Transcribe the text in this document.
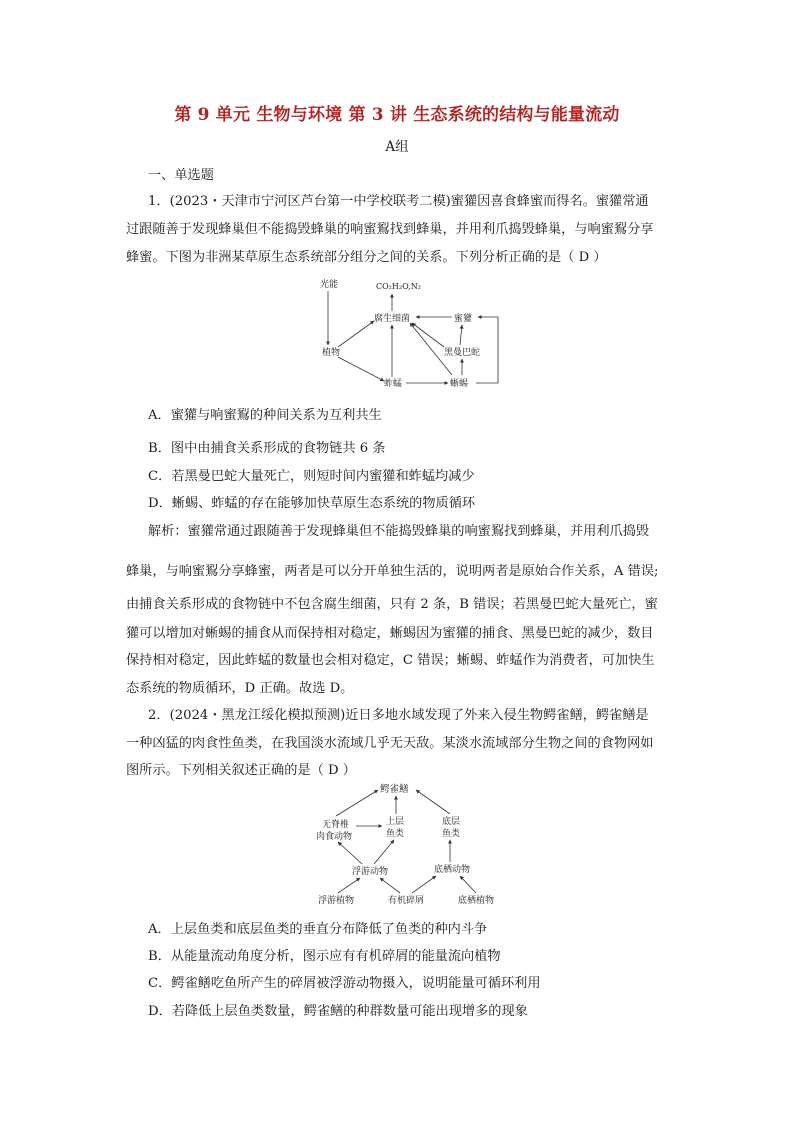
第 9 单元 生物与环境 第 3 讲 生态系统的结构与能量流动
A组
一、单选题
1．(2023・天津市宁河区芦台第一中学校联考二模)蜜獾因喜食蜂蜜而得名。蜜獾常通
过跟随善于发现蜂巢但不能捣毁蜂巢的响蜜鴷找到蜂巢，并用利爪捣毁蜂巢，与响蜜鴷分享
蜂蜜。下图为非洲某草原生态系统部分组分之间的关系。下列分析正确的是（ D ）
光能	CO₂H₂O,N₂
腐生细菌	蜜獾
植物	黑曼巴蛇
蚱蜢	蜥蜴
A．蜜獾与响蜜鴷的种间关系为互利共生
B．图中由捕食关系形成的食物链共 6 条
C．若黑曼巴蛇大量死亡，则短时间内蜜獾和蚱蜢均减少
D．蜥蜴、蚱蜢的存在能够加快草原生态系统的物质循环
解析：蜜獾常通过跟随善于发现蜂巢但不能捣毁蜂巢的响蜜鴷找到蜂巢，并用利爪捣毁
蜂巢，与响蜜鴷分享蜂蜜，两者是可以分开单独生活的，说明两者是原始合作关系，A 错误;
由捕食关系形成的食物链中不包含腐生细菌，只有 2 条，B 错误；若黑曼巴蛇大量死亡，蜜
獾可以增加对蜥蜴的捕食从而保持相对稳定，蜥蜴因为蜜獾的捕食、黑曼巴蛇的减少，数目
保持相对稳定，因此蚱蜢的数量也会相对稳定，C 错误；蜥蜴、蚱蜢作为消费者，可加快生
态系统的物质循环，D 正确。故选 D。
2．(2024・黑龙江绥化模拟预测)近日多地水域发现了外来入侵生物鳄雀鳝，鳄雀鳝是
一种凶猛的肉食性鱼类，在我国淡水流域几乎无天敌。某淡水流域部分生物之间的食物网如
图所示。下列相关叙述正确的是（ D ）
鳄雀鳝
无脊椎
肉食动物
上层
鱼类
底层
鱼类
浮游动物	底栖动物
浮游植物	有机碎屑	底栖植物
A．上层鱼类和底层鱼类的垂直分布降低了鱼类的种内斗争
B．从能量流动角度分析，图示应有有机碎屑的能量流向植物
C．鳄雀鳝吃鱼所产生的碎屑被浮游动物摄入，说明能量可循环利用
D．若降低上层鱼类数量，鳄雀鳝的种群数量可能出现增多的现象
